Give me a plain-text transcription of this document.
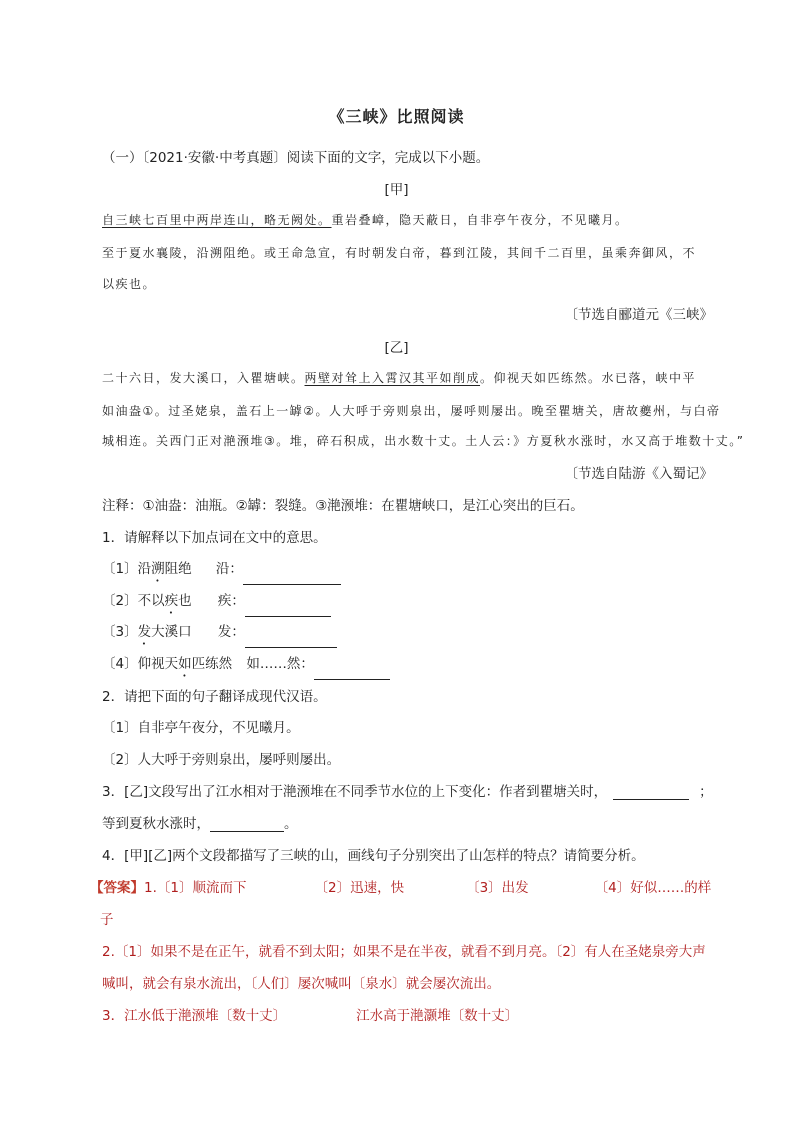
《三峡》比照阅读
（一）〔2021·安徽·中考真题〕阅读下面的文字，完成以下小题。
[甲]
自三峡七百里中两岸连山，略无阙处。重岩叠嶂，隐天蔽日，自非亭午夜分，不见曦月。
至于夏水襄陵，沿溯阻绝。或王命急宣，有时朝发白帝，暮到江陵，其间千二百里，虽乘奔御风，不
以疾也。
〔节选自郦道元《三峡》
[乙]
二十六日，发大溪口，入瞿塘峡。两壁对耸上入霄汉其平如削成。仰视天如匹练然。水已落，峡中平
如油盎①。过圣姥泉，盖石上一罅②。人大呼于旁则泉出，屡呼则屡出。晚至瞿塘关，唐故夔州，与白帝
城相连。关西门正对滟滪堆③。堆，碎石积成，出水数十丈。土人云：》方夏秋水涨时，水又高于堆数十丈。”
〔节选自陆游《入蜀记》
注释：①油盎：油瓶。②罅：裂缝。③滟滪堆：在瞿塘峡口，是江心突出的巨石。
1．请解释以下加点词在文中的意思。
〔1〕沿溯阻绝 沿：
〔2〕不以疾也 疾：
〔3〕发大溪口 发：
〔4〕仰视天如匹练然 如……然：
2．请把下面的句子翻译成现代汉语。
〔1〕自非亭午夜分，不见曦月。
〔2〕人大呼于旁则泉出，屡呼则屡出。
3．[乙]文段写出了江水相对于滟滪堆在不同季节水位的上下变化：作者到瞿塘关时，	；
等到夏秋水涨时，	。
4．[甲][乙]两个文段都描写了三峡的山，画线句子分别突出了山怎样的特点？请简要分析。
【答案】1.〔1〕顺流而下	〔2〕迅速，快	〔3〕出发	〔4〕好似……的样
子
2.〔1〕如果不是在正午，就看不到太阳；如果不是在半夜，就看不到月亮。〔2〕有人在圣姥泉旁大声
喊叫，就会有泉水流出，〔人们〕屡次喊叫〔泉水〕就会屡次流出。
3．江水低于滟滪堆〔数十丈〕	江水高于滟灏堆〔数十丈〕
